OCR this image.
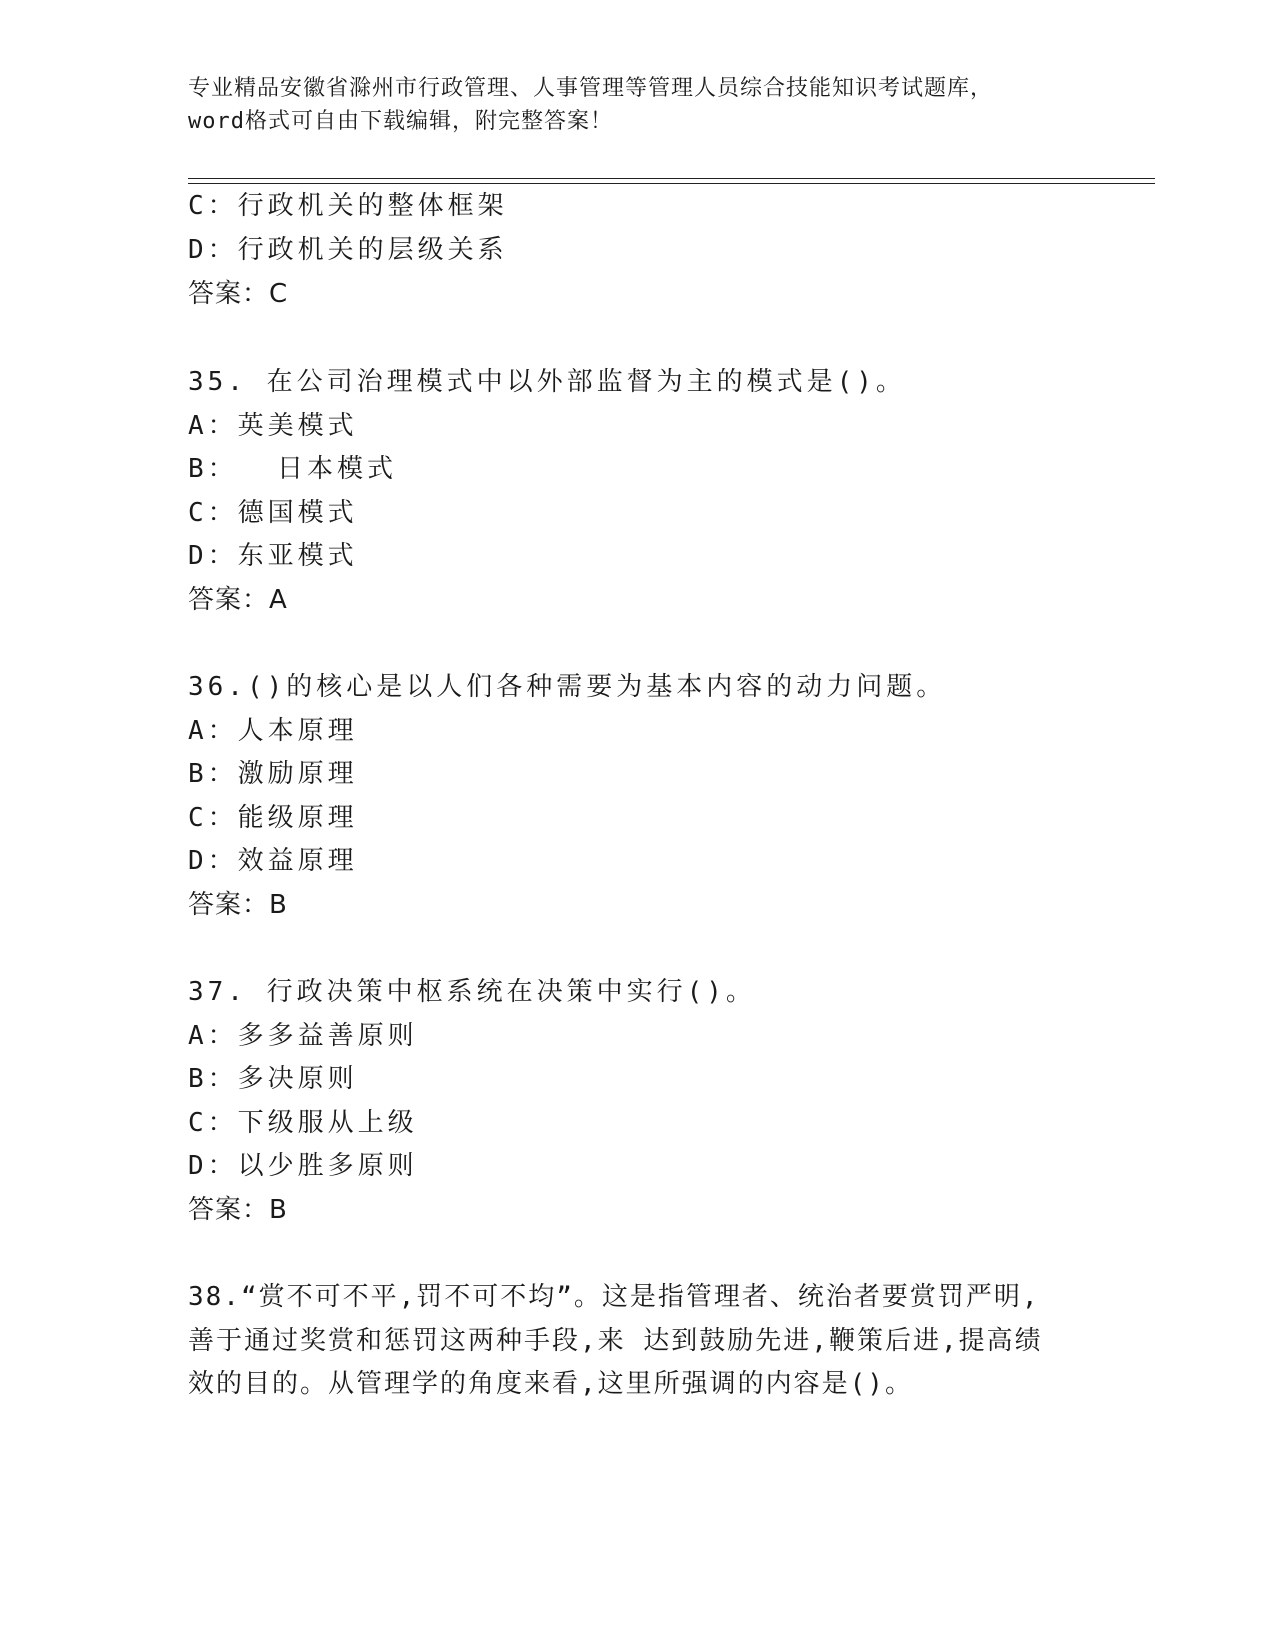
专业精品安徽省滁州市行政管理、人事管理等管理人员综合技能知识考试题库，
word格式可自由下载编辑，附完整答案！
C：行政机关的整体框架
D：行政机关的层级关系
答案：C
35. 在公司治理模式中以外部监督为主的模式是()。
A：英美模式
B：  日本模式
C：德国模式
D：东亚模式
答案：A
36.()的核心是以人们各种需要为基本内容的动力问题。
A：人本原理
B：激励原理
C：能级原理
D：效益原理
答案：B
37. 行政决策中枢系统在决策中实行()。
A：多多益善原则
B：多决原则
C：下级服从上级
D：以少胜多原则
答案：B
38.“赏不可不平,罚不可不均”。这是指管理者、统治者要赏罚严明,
善于通过奖赏和惩罚这两种手段,来 达到鼓励先进,鞭策后进,提高绩
效的目的。从管理学的角度来看,这里所强调的内容是()。
